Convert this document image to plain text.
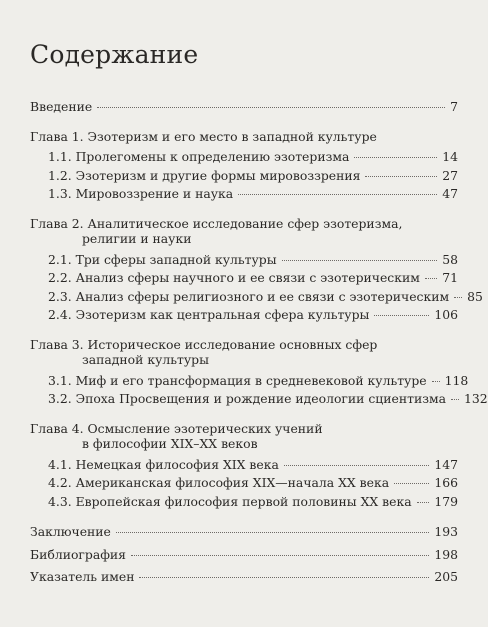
Содержание
Введение	7
Глава 1. Эзотеризм и его место в западной культуре
1.1. Пролегомены к определению эзотеризма	14
1.2. Эзотеризм и другие формы мировоззрения	27
1.3. Мировоззрение и наука	47
Глава 2. Аналитическое исследование сфер эзотеризма,
религии и науки
2.1. Три сферы западной культуры	58
2.2. Анализ сферы научного и ее связи с эзотерическим 71
2.3. Анализ сферы религиозного и ее связи с эзотерическим 85
2.4. Эзотеризм как центральная сфера культуры	106
Глава 3. Историческое исследование основных сфер
западной культуры
3.1. Миф и его трансформация в средневековой культуре 118
3.2. Эпоха Просвещения и рождение идеологии сциентизма 132
Глава 4. Осмысление эзотерических учений
в философии XIX–XX веков
4.1. Немецкая философия XIX века	147
4.2. Американская философия XIX—начала XX века	166
4.3. Европейская философия первой половины XX века 179
Заключение	193
Библиография	198
Указатель имен	205
